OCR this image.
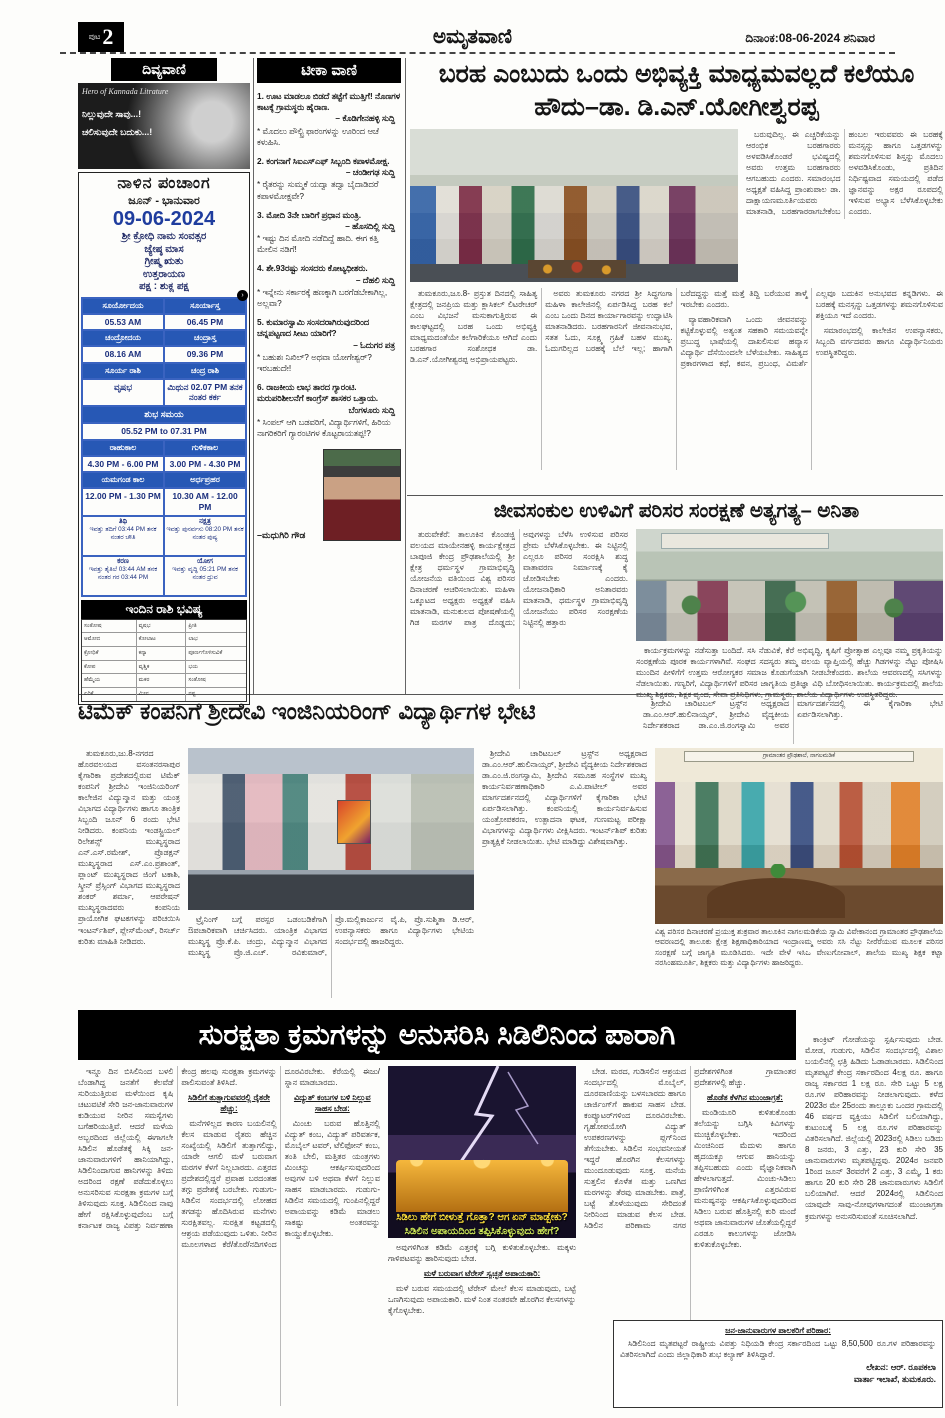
ಪುಟ 2	ಅಮೃತವಾಣಿ	ದಿನಾಂಕ:08-06-2024 ಶನಿವಾರ
ದಿವ್ಯವಾಣಿ
Hero of Kannada Litrature
ನಿಲ್ಲುವುದೇ ಸಾವು...!
ಚಲಿಸುವುದೇ ಬದುಕು...!
ನಾಳಿನ ಪಂಚಾಂಗ
ಜೂನ್ - ಭಾನುವಾರ
09-06-2024
ಶ್ರೀ ಕ್ರೋಧಿ ನಾಮ ಸಂವತ್ಸರ
ಜ್ಯೇಷ್ಠ ಮಾಸ
ಗ್ರೀಷ್ಮ ಋತು
ಉತ್ತರಾಯಣ
ಪಕ್ಷ : ಶುಕ್ಲ ಪಕ್ಷ
›
ಸೂರ್ಯೋದಯ	ಸೂರ್ಯಾಸ್ತ
05.53 AM	06.45 PM
ಚಂದ್ರೋದಯ	ಚಂದ್ರಾಸ್ತ
08.16 AM	09.36 PM
ಸೂರ್ಯ ರಾಶಿ	ಚಂದ್ರ ರಾಶಿ
ವೃಷಭ	ಮಿಥುನ 02.07 PM ತನಕ ನಂತರ ಕರ್ಕ
ಶುಭ ಸಮಯ
05.52 PM to 07.31 PM
ರಾಹುಕಾಲ	ಗುಳಿಕಕಾಲ
4.30 PM - 6.00 PM	3.00 PM - 4.30 PM
ಯಮಗಂಡ ಕಾಲ	ಅರ್ಧಪ್ರಹರ
12.00 PM - 1.30 PM	10.30 AM - 12.00 PM
ತಿಥಿ
ಇವತ್ತು ತದಿಗೆ 03:44 PM ತನಕ ನಂತರ ಚೌತಿ
ನಕ್ಷತ್ರ
ಇವತ್ತು ಪುನರ್ವಸು 08:20 PM ತನಕ ನಂತರ ಪುಷ್ಯ
ಕರಣ
ಇವತ್ತು ತೈತಿಲೆ 03:44 AM ತನಕ ನಂತರ ಗರ 03:44 PM
ಯೋಗ
ಇವತ್ತು ವೃದ್ಧಿ 05:21 PM ತನಕ ನಂತರ ಧ್ರುವ
ಇಂದಿನ ರಾಶಿ ಭವಿಷ್ಯ
ಸಂತೋಷ	ವೃಷಭ	ಪ್ರೀತಿ
ಆಮೋದ	ಕೋಲಾಟ	ಲಾಭ
ಕ್ರೋಧಿಕೆ	ಕನ್ಯಾ	ಪೂರ್ಣಗೊಳಿಸುವಿಕೆ
ಕೋಪ	ವೃಶ್ಚಿಕ	ಭಯ
ಹೆಮ್ಮೆಯ	ಮಕರ	ಸಂತೋಷ
ಏರಿಕೆ	ಮೀನ	ನಷ್ಟ
ಟೀಕಾ ವಾಣಿ
1. ಊಟ ಮಾಡಲೂ ಬಿಡದೆ ತಟ್ಟೆಗೆ ಮುತ್ತಿಗೆ! ನೊಣಗಳ ಕಾಟಕ್ಕೆ ಗ್ರಾಮಸ್ಥರು ಹೈರಾಣ.
– ಕೊಡಿಗೇನಹಳ್ಳಿ ಸುದ್ದಿ
* ಮೊದಲು ಪೌಲ್ಟ್ರಿ ಫಾರಂಗಳನ್ನು ಊರಿಂದ ಆಚೆ ಕಳುಹಿಸಿ.
2. ಕಂಗನಾಗೆ ಸಿಐಎಸ್ಎಫ್ ಸಿಬ್ಬಂದಿ ಕಪಾಳಮೋಕ್ಷ.
– ಚಂಡೀಗಢ ಸುದ್ದಿ
* ರೈತರನ್ನು ಸುಮ್ಮಕೆ ಯದ್ವಾ ತದ್ವಾ ಬೈದಾಡಿದರೆ ಕಪಾಳಮೋಕ್ಷವೇ?
3. ಮೋದಿ 3ನೇ ಬಾರಿಗೆ ಪ್ರಧಾನ ಮಂತ್ರಿ.
– ಹೊಸದಿಲ್ಲಿ ಸುದ್ದಿ
* ಇಷ್ಟು ದಿನ ಮೋದಿ ನಡೆದಿದ್ದೆ ಹಾದಿ. ಈಗ ಕತ್ತಿ ಮೇಲಿನ ನಡಿಗೆ!
4. ಶೇ.93ರಷ್ಟು ಸಂಸದರು ಕೋಟ್ಯಧೀಶರು.
– ದೆಹಲಿ ಸುದ್ದಿ
* ಇನ್ನೇನು ಸರ್ಕಾರಕ್ಕೆ ಹಣಕ್ಕಾಗಿ ಬರಗೆಡಬೇಕಾಗಿಲ್ಲ, ಅಲ್ಲವಾ?
5. ಕುಮಾರಸ್ವಾಮಿ ಸಂಸದರಾಗಿರುವುದರಿಂದ ಚನ್ನಪಟ್ಟಣದ ಸೀಟು ಯಾರಿಗೆ?
– ಓದುಗರ ಪತ್ರ
* ಬಹುಶಃ ನಿಖಿಲ್? ಅಥವಾ ಯೋಗೇಶ್ವರ್? ಇರಬಹುದೇ!
6. ರಾಜಕೀಯ ಲಾಭ ತಾರದ ಗ್ಯಾರಂಟಿ. ಮರುಪರಿಶೀಲನೆಗೆ ಕಾಂಗ್ರೆಸ್ ಶಾಸಕರ ಒತ್ತಾಯ.
ಬೆಂಗಳೂರು ಸುದ್ದಿ
* ಸಿಂಪಲ್ ಆಗಿ ಬಡವರಿಗೆ, ವಿದ್ಯಾರ್ಥಿಗಳಿಗೆ, ಹಿರಿಯ ನಾಗರಿಕರಿಗೆ ಗ್ಯಾರಂಟಿಗಳ ಕೊಟ್ಟರಾಯತಪ್ಪ!?
–ಮಧುಗಿರಿ ಗೌಡ
ಬರಹ ಎಂಬುದು ಒಂದು ಅಭಿವ್ಯಕ್ತಿ ಮಾಧ್ಯಮವಲ್ಲದೆ ಕಲೆಯೂ ಹೌದು–ಡಾ. ಡಿ.ಎನ್.ಯೋಗೀಶ್ವರಪ್ಪ

ಬರುವುದಿಲ್ಲ. ಈ ಎಚ್ಚರಿಕೆಯನ್ನು ಆರಂಭಿಕ ಬರಹಗಾರರು ಅಳವಡಿಸಿಕೊಂಡರೆ ಭವಿಷ್ಯದಲ್ಲಿ ಅವರು ಉತ್ತಮ ಬರಹಗಾರರು ಆಗಬಹುದು ಎಂದರು. ಸಮಾರಂಭದ ಅಧ್ಯಕ್ಷತೆ ವಹಿಸಿದ್ದ ಪ್ರಾಂಶುಪಾಲ ಡಾ. ದಾಕ್ಷಾಯಣಮೂರ್ತಿಯವರು ಮಾತನಾಡಿ, ಬರಹಗಾರರಾಗಬೇಕೆಂಬ ಹಂಬಲ ಇರುವವರು ಈ ಬರಹಕ್ಕೆ ಮನಸ್ಸನ್ನು ಹಾಗೂ ಒತ್ತಡಗಳನ್ನು ಶಮನಗೊಳಿಸುವ ಶಿಸ್ತನ್ನು ಮೊದಲು ಅಳವಡಿಸಿಕೊಂಡು, ಪ್ರತಿದಿನ ನಿರ್ಧಿಷ್ಟವಾದ ಸಮಯದಲ್ಲಿ ಪಡೆದ ಜ್ಞಾನವನ್ನು ಅಕ್ಷರ ರೂಪದಲ್ಲಿ ಇಳಿಸುವ ಅಭ್ಯಾಸ ಬೆಳೆಸಿಕೊಳ್ಳಬೇಕು ಎಂದರು.

ತುಮಕೂರು,ಜೂ.8- ಪ್ರಸ್ತುತ ದಿನದಲ್ಲಿ ಸಾಹಿತ್ಯ ಕ್ಷೇತ್ರದಲ್ಲಿ ಜನಪ್ರಿಯ ಮತ್ತು ಕ್ಲಾಸಿಕಲ್ ಲಿಟರೇಚರ್ ಎಂಬ ವಿಭಜನೆ ಮಸುಕಾಗುತ್ತಿರುವ ಈ ಕಾಲಘಟ್ಟದಲ್ಲಿ ಬರಹ ಒಂದು ಅಭಿವ್ಯಕ್ತಿ ಮಾಧ್ಯಮದಂತೆಯೇ ಕಲೆಗಾರಿಕೆಯೂ ಆಗಿದೆ ಎಂದು ಬರಹಗಾರ ಸಂಶೋಧಕ ಡಾ. ಡಿ.ಎನ್.ಯೋಗೀಶ್ವರಪ್ಪ ಅಭಿಪ್ರಾಯಪಟ್ಟರು.

ಅವರು ತುಮಕೂರು ನಗರದ ಶ್ರೀ ಸಿದ್ಧಗಂಗಾ ಮಹಿಳಾ ಕಾಲೇಜಿನಲ್ಲಿ ಏರ್ಪಡಿಸಿದ್ದ ಬರಹ ಕಲೆ ಎಂಬ ಒಂದು ದಿನದ ಕಾರ್ಯಾಗಾರವನ್ನು ಉದ್ಘಾಟಿಸಿ ಮಾತನಾಡಿದರು. ಬರಹಗಾರನಿಗೆ ಜೀವನಾನುಭವ, ಸತತ ಓದು, ಸೂಕ್ಷ್ಮ ಗ್ರಹಿಕೆ ಬಹಳ ಮುಖ್ಯ. ಓದುಗರಿಲ್ಲದ ಬರಹಕ್ಕೆ ಬೆಲೆ ಇಲ್ಲ; ಹಾಗಾಗಿ ಬರೆದದ್ದನ್ನು ಮತ್ತೆ ಮತ್ತೆ ತಿದ್ದಿ ಬರೆಯುವ ತಾಳ್ಮೆ ಇರಬೇಕು ಎಂದರು.

ವ್ಯಾವಹಾರಿಕವಾಗಿ ಒಂದು ಜೀವನವನ್ನು ಕಟ್ಟಿಕೊಳ್ಳುವಲ್ಲಿ ಅತ್ಯಂತ ಸಹಕಾರಿ ಸಮಯವನ್ನೇ ಪ್ರಬುದ್ಧ ಭಾಷೆಯಲ್ಲಿ ದಾಖಲಿಸುವ ಹವ್ಯಾಸ ವಿದ್ಯಾರ್ಥಿ ದೆಸೆಯಿಂದಲೇ ಬೆಳೆಯಬೇಕು. ಸಾಹಿತ್ಯದ ಪ್ರಕಾರಗಳಾದ ಕಥೆ, ಕವನ, ಪ್ರಬಂಧ, ವಿಮರ್ಶೆ ಎಲ್ಲವೂ ಬದುಕಿನ ಅನುಭವದ ಕನ್ನಡಿಗಳು. ಈ ಬರಹಕ್ಕೆ ಮನಸ್ಸನ್ನು ಒತ್ತಡಗಳನ್ನು ಶಮನಗೊಳಿಸುವ ಶಕ್ತಿಯೂ ಇದೆ ಎಂದರು.

ಸಮಾರಂಭದಲ್ಲಿ ಕಾಲೇಜಿನ ಉಪನ್ಯಾಸಕರು, ಸಿಬ್ಬಂದಿ ವರ್ಗದವರು ಹಾಗೂ ವಿದ್ಯಾರ್ಥಿನಿಯರು ಉಪಸ್ಥಿತರಿದ್ದರು.

ಜೀವಸಂಕುಲ ಉಳಿವಿಗೆ ಪರಿಸರ ಸಂರಕ್ಷಣೆ ಅತ್ಯಗತ್ಯ– ಅನಿತಾ

ತುರುವೇಕೆರೆ: ತಾಲೂಕಿನ ಕೊಂಡಜ್ಜಿ ವಲಯದ ಮಾಯೇನಹಳ್ಳಿ ಕಾರ್ಯಕ್ಷೇತ್ರದ ಬಾಪೂಜಿ ಕೇಂದ್ರ ಪ್ರೌಢಶಾಲೆಯಲ್ಲಿ ಶ್ರೀ ಕ್ಷೇತ್ರ ಧರ್ಮಸ್ಥಳ ಗ್ರಾಮಾಭಿವೃದ್ಧಿ ಯೋಜನೆಯ ವತಿಯಿಂದ ವಿಶ್ವ ಪರಿಸರ ದಿನಾಚರಣೆ ಆಚರಿಸಲಾಯಿತು. ಮಹಿಳಾ ಒಕ್ಕೂಟದ ಅಧ್ಯಕ್ಷರು ಅಧ್ಯಕ್ಷತೆ ವಹಿಸಿ ಮಾತನಾಡಿ, ಮನುಕುಲದ ಪೋಷಣೆಯಲ್ಲಿ ಗಿಡ ಮರಗಳ ಪಾತ್ರ ದೊಡ್ಡದು; ಅವುಗಳನ್ನು ಬೆಳೆಸಿ ಉಳಿಸುವ ಪರಿಸರ ಪ್ರೇಮ ಬೆಳೆಸಿಕೊಳ್ಳಬೇಕು. ಈ ನಿಟ್ಟಿನಲ್ಲಿ ಎಲ್ಲರೂ ಪರಿಸರ ಸಂರಕ್ಷಿಸಿ ಶುದ್ಧ ವಾತಾವರಣ ನಿರ್ಮಾಣಕ್ಕೆ ಕೈ ಜೋಡಿಸಬೇಕು ಎಂದರು. ಯೋಜನಾಧಿಕಾರಿ ಅನಿತಾರವರು ಮಾತನಾಡಿ, ಧರ್ಮಸ್ಥಳ ಗ್ರಾಮಾಭಿವೃದ್ಧಿ ಯೋಜನೆಯು ಪರಿಸರ ಸಂರಕ್ಷಣೆಯ ನಿಟ್ಟಿನಲ್ಲಿ ಹತ್ತಾರು

ಕಾರ್ಯಕ್ರಮಗಳನ್ನು ನಡೆಸುತ್ತಾ ಬಂದಿದೆ. ಸಸಿ ನೆಡುವಿಕೆ, ಕೆರೆ ಅಭಿವೃದ್ಧಿ, ಕೃಷಿಗೆ ಪ್ರೋತ್ಸಾಹ ಎಲ್ಲವೂ ನಮ್ಮ ಪ್ರಕೃತಿಯನ್ನು ಸಂರಕ್ಷಣೆಯ ಪೂರಕ ಕಾರ್ಯಗಳಾಗಿವೆ. ಸಂಘದ ಸದಸ್ಯರು ತಮ್ಮ ವಲಯ ವ್ಯಾಪ್ತಿಯಲ್ಲಿ ಹೆಚ್ಚು ಗಿಡಗಳನ್ನು ನೆಟ್ಟು ಪೋಷಿಸಿ ಮುಂದಿನ ಪೀಳಿಗೆಗೆ ಉತ್ತಮ ಆರೋಗ್ಯಕರ ಸಮಾಜ ಕೊಡುಗೆಯಾಗಿ ನೀಡಬೇಕೆಂದರು. ಶಾಲೆಯ ಆವರಣದಲ್ಲಿ ಸಸಿಗಳನ್ನು ನೆಡಲಾಯಿತು. ಗಣ್ಯರಿಗೆ, ವಿದ್ಯಾರ್ಥಿಗಳಿಗೆ ಪರಿಸರ ಜಾಗೃತಿಯ ಪ್ರತಿಜ್ಞಾ ವಿಧಿ ಬೋಧಿಸಲಾಯಿತು. ಕಾರ್ಯಕ್ರಮದಲ್ಲಿ ಶಾಲೆಯ ಮುಖ್ಯ ಶಿಕ್ಷಕರು, ಶಿಕ್ಷಕ ವೃಂದ, ಸೇವಾ ಪ್ರತಿನಿಧಿಗಳು, ಗ್ರಾಮಸ್ಥರು, ಶಾಲೆಯ ವಿದ್ಯಾರ್ಥಿಗಳು ಉಪಸ್ಥಿತರಿದ್ದರು.

ಟಿಮೆಕ್ ಕಂಪನಿಗೆ ಶ್ರೀದೇವಿ ಇಂಜಿನಿಯರಿಂಗ್ ವಿದ್ಯಾರ್ಥಿಗಳ ಭೇಟಿ	ಶ್ರೀದೇವಿ ಚಾರಿಟಬಲ್ ಟ್ರಸ್ಟ್‌ನ ಅಧ್ಯಕ್ಷರಾದ ಡಾ.ಎಂ.ಆರ್.ಹುಲಿನಾಯ್ಕರ್, ಶ್ರೀದೇವಿ ವೈದ್ಯಕೀಯ ನಿರ್ದೇಶಕರಾದ ಡಾ.ಎಂ.ಜಿ.ರಂಗಸ್ವಾಮಿ ಅವರ ಮಾರ್ಗದರ್ಶನದಲ್ಲಿ ಈ ಕೈಗಾರಿಕಾ ಭೇಟಿ ಏರ್ಪಡಿಸಲಾಗಿತ್ತು.

ತುಮಕೂರು,ಜು.8-ನಗರದ ಹೊರವಲಯದ ವಸಂತನರಸಾಪುರ ಕೈಗಾರಿಕಾ ಪ್ರದೇಶದಲ್ಲಿರುವ ಟಿಮೆಕ್ ಕಂಪನಿಗೆ ಶ್ರೀದೇವಿ ಇಂಜಿನಿಯರಿಂಗ್ ಕಾಲೇಜಿನ ವಿದ್ಯುನ್ಮಾನ ಮತ್ತು ಯಂತ್ರ ವಿಭಾಗದ ವಿದ್ಯಾರ್ಥಿಗಳು ಹಾಗೂ ತಾಂತ್ರಿಕ ಸಿಬ್ಬಂದಿ ಜೂನ್ 6 ರಂದು ಭೇಟಿ ನೀಡಿದರು. ಕಂಪನಿಯ ಇಂಡಸ್ಟ್ರಿಯಲ್ ರಿಲೇಶನ್ಸ್ ಮುಖ್ಯಸ್ಥರಾದ ಎನ್.ಎಸ್.ರಮೇಶ್, ಪ್ರೊಡಕ್ಷನ್ ಮುಖ್ಯಸ್ಥರಾದ ಎಸ್.ಎಂ.ಪ್ರಶಾಂತ್, ಪ್ಲಾಂಟ್ ಮುಖ್ಯಸ್ಥರಾದ ಜಿಂಗೆ ಟಕಾಶಿ, ಸ್ಕ್ರೀನ್ ಪ್ರೆಸ್ಸಿಂಗ್ ವಿಭಾಗದ ಮುಖ್ಯಸ್ಥರಾದ ಶಂಕರ್ ಶರ್ಮಾ, ಆಪರೇಷನ್ ಮುಖ್ಯಸ್ಥರಾದವರು ಕಂಪನಿಯ ಪ್ರಾಯೋಗಿಕ ಘಟಕಗಳನ್ನು ಪರಿಚಯಿಸಿ ಇಂಟರ್ನ್‌ಶಿಪ್, ಪ್ಲೇಸ್‌ಮೆಂಟ್, ರಿಸರ್ಚ್ ಕುರಿತು ಮಾಹಿತಿ ನೀಡಿದರು.

ಟ್ರೈನಿಂಗ್ ಬಗ್ಗೆ ಪರಸ್ಪರ ಒಡಂಬಡಿಕೆಗಾಗಿ ಔಪಚಾರಿಕವಾಗಿ ಚರ್ಚಿಸಿದರು. ಯಾಂತ್ರಿಕ ವಿಭಾಗದ ಮುಖ್ಯಸ್ಥ ಪ್ರೊ.ಕೆ.ಪಿ. ಚಂದ್ರು, ವಿದ್ಯುನ್ಮಾನ ವಿಭಾಗದ ಮುಖ್ಯಸ್ಥ ಪ್ರೊ.ಜಿ.ಎಚ್. ರವಿಕುಮಾರ್, ಪ್ರೊ.ಮಲ್ಲಿಕಾರ್ಜುನ ವೈ.ಪಿ, ಪ್ರೊ.ಸುಶ್ಮಿತಾ ಡಿ.ಆರ್, ಉಪನ್ಯಾಸಕರು ಹಾಗೂ ವಿದ್ಯಾರ್ಥಿಗಳು ಭೇಟಿಯ ಸಂದರ್ಭದಲ್ಲಿ ಹಾಜರಿದ್ದರು.

ಶ್ರೀದೇವಿ ಚಾರಿಟಬಲ್ ಟ್ರಸ್ಟ್‌ನ ಅಧ್ಯಕ್ಷರಾದ ಡಾ.ಎಂ.ಆರ್.ಹುಲಿನಾಯ್ಕರ್, ಶ್ರೀದೇವಿ ವೈದ್ಯಕೀಯ ನಿರ್ದೇಶಕರಾದ ಡಾ.ಎಂ.ಜಿ.ರಂಗಸ್ವಾಮಿ, ಶ್ರೀದೇವಿ ಸಮೂಹ ಸಂಸ್ಥೆಗಳ ಮುಖ್ಯ ಕಾರ್ಯನಿರ್ವಹಣಾಧಿಕಾರಿ ಎ.ವಿ.ಪಾಟೀಲ್ ಅವರ ಮಾರ್ಗದರ್ಶನದಲ್ಲಿ ವಿದ್ಯಾರ್ಥಿಗಳಿಗೆ ಕೈಗಾರಿಕಾ ಭೇಟಿ ಏರ್ಪಡಿಸಲಾಗಿತ್ತು. ಕಂಪನಿಯಲ್ಲಿ ಕಾರ್ಯನಿರ್ವಹಿಸುವ ಯಂತ್ರೋಪಕರಣ, ಉತ್ಪಾದನಾ ಘಟಕ, ಗುಣಮಟ್ಟ ಪರೀಕ್ಷಾ ವಿಭಾಗಗಳನ್ನು ವಿದ್ಯಾರ್ಥಿಗಳು ವೀಕ್ಷಿಸಿದರು. ಇಂಟರ್ನ್‌ಶಿಪ್ ಕುರಿತು ಪ್ರಾತ್ಯಕ್ಷಿಕೆ ನೀಡಲಾಯಿತು. ಭೇಟಿ ಮಾಡಿದ್ದು ವಿಶೇಷವಾಗಿತ್ತು.

ಗ್ರಾಮಾಂತರ ಪ್ರೌಢಶಾಲೆ, ನಾಗಲಮಡಿಕೆ
ವಿಶ್ವ ಪರಿಸರ ದಿನಾಚರಣೆ ಪ್ರಯುಕ್ತ ಶುಕ್ರವಾರ ತಾಲೂಕಿನ ನಾಗಲಮಡಿಕೆಯ ಸ್ವಾಮಿ ವಿವೇಕಾನಂದ ಗ್ರಾಮಾಂತರ ಪ್ರೌಢಶಾಲೆಯ ಆವರಣದಲ್ಲಿ ತಾಲೂಕು ಕ್ಷೇತ್ರ ಶಿಕ್ಷಣಾಧಿಕಾರಿಯಾದ ಇಂದ್ರಾಣಮ್ಮ ಅವರು ಸಸಿ ನೆಟ್ಟು ನೀರೆರೆಯುವ ಮೂಲಕ ಪರಿಸರ ಸಂರಕ್ಷಣೆ ಬಗ್ಗೆ ಜಾಗೃತಿ ಮೂಡಿಸಿದರು. ಇದೇ ವೇಳೆ ಇಸಿಒ ವೇಣುಗೋಪಾಲ್, ಶಾಲೆಯ ಮುಖ್ಯ ಶಿಕ್ಷಕ ಕಟ್ಟಾ ನರಸಿಂಹಮೂರ್ತಿ, ಶಿಕ್ಷಕರು ಮತ್ತು ವಿದ್ಯಾರ್ಥಿಗಳು ಹಾಜರಿದ್ದರು.
ಸುರಕ್ಷತಾ ಕ್ರಮಗಳನ್ನು ಅನುಸರಿಸಿ ಸಿಡಿಲಿನಿಂದ ಪಾರಾಗಿ	ಕಾಂಕ್ರಿಟ್ ಗೋಡೆಯನ್ನು ಸ್ಪರ್ಷಿಸುವುದು ಬೇಡ. ಮೋಡ, ಗುಡುಗು, ಸಿಡಿಲಿನ ಸಂದರ್ಭದಲ್ಲಿ ವಿಶಾಲ ಬಯಲಿನಲ್ಲಿ ಛತ್ರಿ ಹಿಡಿದು ಓಡಾಡಬಾರದು. ಸಿಡಿಲಿನಿಂದ ಮೃತಪಟ್ಟರೆ ಕೇಂದ್ರ ಸರ್ಕಾರದಿಂದ 4ಲಕ್ಷ ರೂ. ಹಾಗೂ ರಾಜ್ಯ ಸರ್ಕಾರದ 1 ಲಕ್ಷ ರೂ. ಸೇರಿ ಒಟ್ಟು 5 ಲಕ್ಷ ರೂ.ಗಳ ಪರಿಹಾರವನ್ನು ನೀಡಲಾಗುವುದು. ಕಳೆದ 2023ರ ಮೇ 25ರಂದು ತಾಲ್ಲೂಕು ಒಂದರ ಗ್ರಾಮದಲ್ಲಿ 46 ವರ್ಷದ ವ್ಯಕ್ತಿಯು ಸಿಡಿಲಿಗೆ ಬಲಿಯಾಗಿದ್ದು, ಕುಟುಂಬಕ್ಕೆ 5 ಲಕ್ಷ ರೂ.ಗಳ ಪರಿಹಾರವನ್ನು ವಿತರಿಸಲಾಗಿದೆ. ಜಿಲ್ಲೆಯಲ್ಲಿ 2023ರಲ್ಲಿ ಸಿಡಿಲು ಬಡಿದು 8 ಜನರು, 3 ಎತ್ತು, 23 ಕುರಿ ಸೇರಿ 35 ಜಾನುವಾರುಗಳು ಮೃತಪಟ್ಟಿದ್ದವು. 2024ರ ಜನವರಿ 1ರಿಂದ ಜೂನ್ 3ರವರೆಗೆ 2 ಎತ್ತು, 3 ಎಮ್ಮೆ, 1 ಕರು ಹಾಗೂ 20 ಕುರಿ ಸೇರಿ 28 ಜಾನುವಾರುಗಳು ಸಿಡಿಲಿಗೆ ಬಲಿಯಾಗಿವೆ. ಆದರೆ 2024ರಲ್ಲಿ ಸಿಡಿಲಿನಿಂದ ಯಾವುದೇ ಸಾವು-ನೋವುಗಳಾಗದಂತೆ ಮುಂಜಾಗ್ರತಾ ಕ್ರಮಗಳನ್ನು ಅನುಸರಿಸುವಂತೆ ಸೂಚಿಸಲಾಗಿದೆ.

ಇನ್ನೂ ದಿನ ಬಿಸಿಲಿನಿಂದ ಬಳಲಿ ಬೆಂಡಾಗಿದ್ದ ಜನತೆಗೆ ಕೆಲವೆಡೆ ಸುರಿಯುತ್ತಿರುವ ಮಳೆಯಿಂದ ಕೃಷಿ ಚಟುವಟಿಕೆ ಸೇರಿ ಜನ-ಜಾನುವಾರುಗಳ ಕುಡಿಯುವ ನೀರಿನ ಸಮಸ್ಯೆಗಳು ಬಗೆಹರಿಯುತ್ತಿವೆ. ಆದರೆ ಮಳೆಯ ಅಬ್ಬರದಿಂದ ಜಿಲ್ಲೆಯಲ್ಲಿ ಈಗಾಗಲೇ ಸಿಡಿಲಿನ ಹೊಡೆತಕ್ಕೆ ಸಿಕ್ಕಿ ಜನ-ಜಾನುವಾರುಗಳಿಗೆ ಹಾನಿಯಾಗಿದ್ದು, ಸಿಡಿಲಿನಿಂದಾಗುವ ಹಾನಿಗಳನ್ನು ತಿಳಿದು ಅದರಿಂದ ರಕ್ಷಣೆ ಪಡೆದುಕೊಳ್ಳಲು ಅನುಸರಿಸುವ ಸುರಕ್ಷತಾ ಕ್ರಮಗಳ ಬಗ್ಗೆ ತಿಳಿಸುವುದು ಸೂಕ್ತ. ಸಿಡಿಲಿನಿಂದ ನಾವು ಹೇಗೆ ರಕ್ಷಿಸಿಕೊಳ್ಳುವುದೆಂಬ ಬಗ್ಗೆ ಕರ್ನಾಟಕ ರಾಜ್ಯ ವಿಪತ್ತು ನಿರ್ವಹಣಾ ಕೇಂದ್ರ ಹಲವು ಸುರಕ್ಷತಾ ಕ್ರಮಗಳನ್ನು ಪಾಲಿಸುವಂತೆ ತಿಳಿಸಿದೆ.

ಸಿಡಿಲಿಗೆ ತುತ್ತಾಗುವವರಲ್ಲಿ ರೈತರೇ ಹೆಚ್ಚು:

ಮನೆಗಳಿಲ್ಲದ ಕಾರಣ ಬಯಲಿನಲ್ಲಿ ಕೆಲಸ ಮಾಡುವ ರೈತರು ಹೆಚ್ಚಿನ ಸಂಖ್ಯೆಯಲ್ಲಿ ಸಿಡಿಲಿಗೆ ತುತ್ತಾಗಲಿದ್ದು, ಯಾರೇ ಆಗಲಿ ಮಳೆ ಬರುವಾಗ ಮರಗಳ ಕೆಳಗೆ ನಿಲ್ಲಬಾರದು. ಎತ್ತರದ ಪ್ರದೇಶದಲ್ಲಿದ್ದರೆ ಪ್ರವಾಹ ಬರದಂತಹ ತಗ್ಗು ಪ್ರದೇಶಕ್ಕೆ ಬರಬೇಕು. ಗುಡುಗು-ಸಿಡಿಲಿನ ಸಂದರ್ಭದಲ್ಲಿ ಲೋಹದ ತಗಡನ್ನು ಹೊದಿಸಿರುವ ಮನೆಗಳು ಸುರಕ್ಷಿತವಲ್ಲ. ಸುರಕ್ಷಿತ ಕಟ್ಟಡದಲ್ಲಿ ಆಶ್ರಯ ಪಡೆಯುವುದು ಒಳಿತು. ನೀರಿನ ಮೂಲಗಳಾದ ಕೆರೆ/ತೊರೆ/ನದಿಗಳಿಂದ ದೂರವಿರಬೇಕು. ಕೆರೆಯಲ್ಲಿ ಈಜು/ಸ್ನಾನ ಮಾಡಬಾರದು.

ವಿದ್ಯುತ್ ಕಂಬಗಳ ಬಳಿ ನಿಲ್ಲುವ ಸಾಹಸ ಬೇಡ:

ಮಿಂಚು ಬರುವ ಹೊತ್ತಿನಲ್ಲಿ ವಿದ್ಯುತ್ ಕಂಬ, ವಿದ್ಯುತ್ ಪರಿವರ್ತಕ, ಮೊಬೈಲ್ ಟವರ್, ಟೆಲಿಫೋನ್ ಕಂಬ, ತಂತಿ ಬೇಲಿ, ಮತ್ತಿತರ ಯಂತ್ರಗಳು ಮಿಂಚನ್ನು ಆಕರ್ಷಿಸುವುದರಿಂದ ಅವುಗಳ ಬಳಿ ಅಥವಾ ಕೆಳಗೆ ನಿಲ್ಲುವ ಸಾಹಸ ಮಾಡಬಾರದು. ಗುಡುಗು-ಸಿಡಿಲಿನ ಸಮಯದಲ್ಲಿ ಗುಂಪಿನಲ್ಲಿದ್ದರೆ ಅಪಾಯವನ್ನು ಕಡಿಮೆ ಮಾಡಲು ಸಾಕಷ್ಟು ಅಂತರವನ್ನು ಕಾಯ್ದುಕೊಳ್ಳಬೇಕು.

ಸಿಡಿಲು ಹೇಗೆ ಬೀಳುತ್ತೆ ಗೊತ್ತಾ? ಆಗ ಏನ್ ಮಾಡ್ಬೇಕು?
ಸಿಡಿಲಿನ ಅಪಾಯದಿಂದ ತಪ್ಪಿಸಿಕೊಳ್ಳುವುದು ಹೇಗೆ?

ಅವುಗಳಿಗಿಂತ ಕಡಿಮೆ ಎತ್ತರಕ್ಕೆ ಬಗ್ಗಿ ಕುಳಿತುಕೊಳ್ಳಬೇಕು. ಮಕ್ಕಳು ಗಾಳಿಪಟವನ್ನು ಹಾರಿಸುವುದು ಬೇಡ.

ಮಳೆ ಬರುವಾಗ ಟೆರೇಸ್ ಸ್ವಚ್ಛತೆ ಅಪಾಯಕಾರಿ:

ಮಳೆ ಬರುವ ಸಮಯದಲ್ಲಿ ಟೆರೇಸ್ ಮೇಲೆ ಕೆಲಸ ಮಾಡುವುದು, ಬಟ್ಟೆ ಒಣಗಿಸುವುದು ಅಪಾಯಕಾರಿ. ಮಳೆ ನಿಂತ ನಂತರವೇ ಹೊರಗಿನ ಕೆಲಸಗಳನ್ನು ಕೈಗೊಳ್ಳಬೇಕು.

ಬೇಡ. ಮರದ, ಗುಡಿಸಲಿನ ಆಶ್ರಯದ ಸಂದರ್ಭದಲ್ಲಿ ಮೊಬೈಲ್, ದೂರವಾಣಿಯನ್ನು ಬಳಸಬಾರದು ಹಾಗೂ ಚಾರ್ಜಿಂಗ್‌ಗೆ ಹಾಕುವ ಸಾಹಸ ಬೇಡ. ಕಂಪ್ಯೂಟರ್‌ಗಳಿಂದ ದೂರವಿರಬೇಕು. ಗೃಹೋಪಯೋಗಿ ವಿದ್ಯುತ್ ಉಪಕರಣಗಳನ್ನು ಪ್ಲಗ್‌ನಿಂದ ತೆಗೆಯಬೇಕು. ಸಿಡಿಲಿನ ಸಂಭವನೀಯತೆ ಇದ್ದರೆ ಹೊರಗಿನ ಕೆಲಸಗಳನ್ನು ಮುಂದೂಡುವುದು ಸೂಕ್ತ. ಮನೆಯ ಸುತ್ತಲಿನ ಕೊಳೆತ ಮತ್ತು ಒಣಗಿದ ಮರಗಳನ್ನು ತೆರವು ಮಾಡಬೇಕು. ಪಾತ್ರೆ, ಬಟ್ಟೆ ತೊಳೆಯುವುದು ಸೇರಿದಂತೆ ನೀರಿನಿಂದ ಮಾಡುವ ಕೆಲಸ ಬೇಡ. ಸಿಡಿಲಿನ ಪರಿಣಾಮ ನಗರ ಪ್ರದೇಶಗಳಿಗಿಂತ ಗ್ರಾಮಾಂತರ ಪ್ರದೇಶಗಳಲ್ಲಿ ಹೆಚ್ಚು.

ಹೊಡೆತ ಕೆಳಗಿನ ಮುಂಜಾಗ್ರತೆ:

ಮಂಡಿಯೂರಿ ಕುಳಿತುಕೊಂಡು ತಲೆಯನ್ನು ಬಗ್ಗಿಸಿ ಕಿವಿಗಳನ್ನು ಮುಚ್ಚಿಕೊಳ್ಳಬೇಕು. ಇದರಿಂದ ಮಿಂಚಿನಿಂದ ಮೆದುಳು ಹಾಗೂ ಹೃದಯಕ್ಕೂ ಆಗುವ ಹಾನಿಯನ್ನು ತಪ್ಪಿಸಬಹುದು ಎಂದು ವೈಜ್ಞಾನಿಕವಾಗಿ ಹೇಳಲಾಗುತ್ತದೆ. ಮಿಂಚು-ಸಿಡಿಲು ಪ್ರಾಣಿಗಳಿಗಿಂತ ಎತ್ತರವಿರುವ ಮನುಷ್ಯನನ್ನು ಆಕರ್ಷಿಸಿಕೊಳ್ಳುವುದರಿಂದ ಸಿಡಿಲು ಬರುವ ಹೊತ್ತಿನಲ್ಲಿ ಕುರಿ ಮಂದೆ ಅಥವಾ ಜಾನುವಾರುಗಳ ಜೊತೆಯಲ್ಲಿದ್ದರೆ ಎರಡೂ ಕಾಲುಗಳನ್ನು ಜೋಡಿಸಿ ಕುಳಿತುಕೊಳ್ಳಬೇಕು.

ಜನ-ಜಾನುವಾರುಗಳ ಪಾಲಕರಿಗೆ ಪರಿಹಾರ:

ಸಿಡಿಲಿನಿಂದ ಮೃತಪಟ್ಟರೆ ರಾಷ್ಟ್ರೀಯ ವಿಪತ್ತು ನಿಧಿಯಡಿ ಕೇಂದ್ರ ಸರ್ಕಾರದಿಂದ ಒಟ್ಟು 8,50,500 ರೂ.ಗಳ ಪರಿಹಾರವನ್ನು ವಿತರಿಸಲಾಗಿದೆ ಎಂದು ಜಿಲ್ಲಾಧಿಕಾರಿ ಶುಭ ಕಲ್ಯಾಣ್ ತಿಳಿಸಿದ್ದಾರೆ.

ಲೇಖನ: ಆರ್. ರೂಪಕಲಾ
ವಾರ್ತಾ ಇಲಾಖೆ, ತುಮಕೂರು.
